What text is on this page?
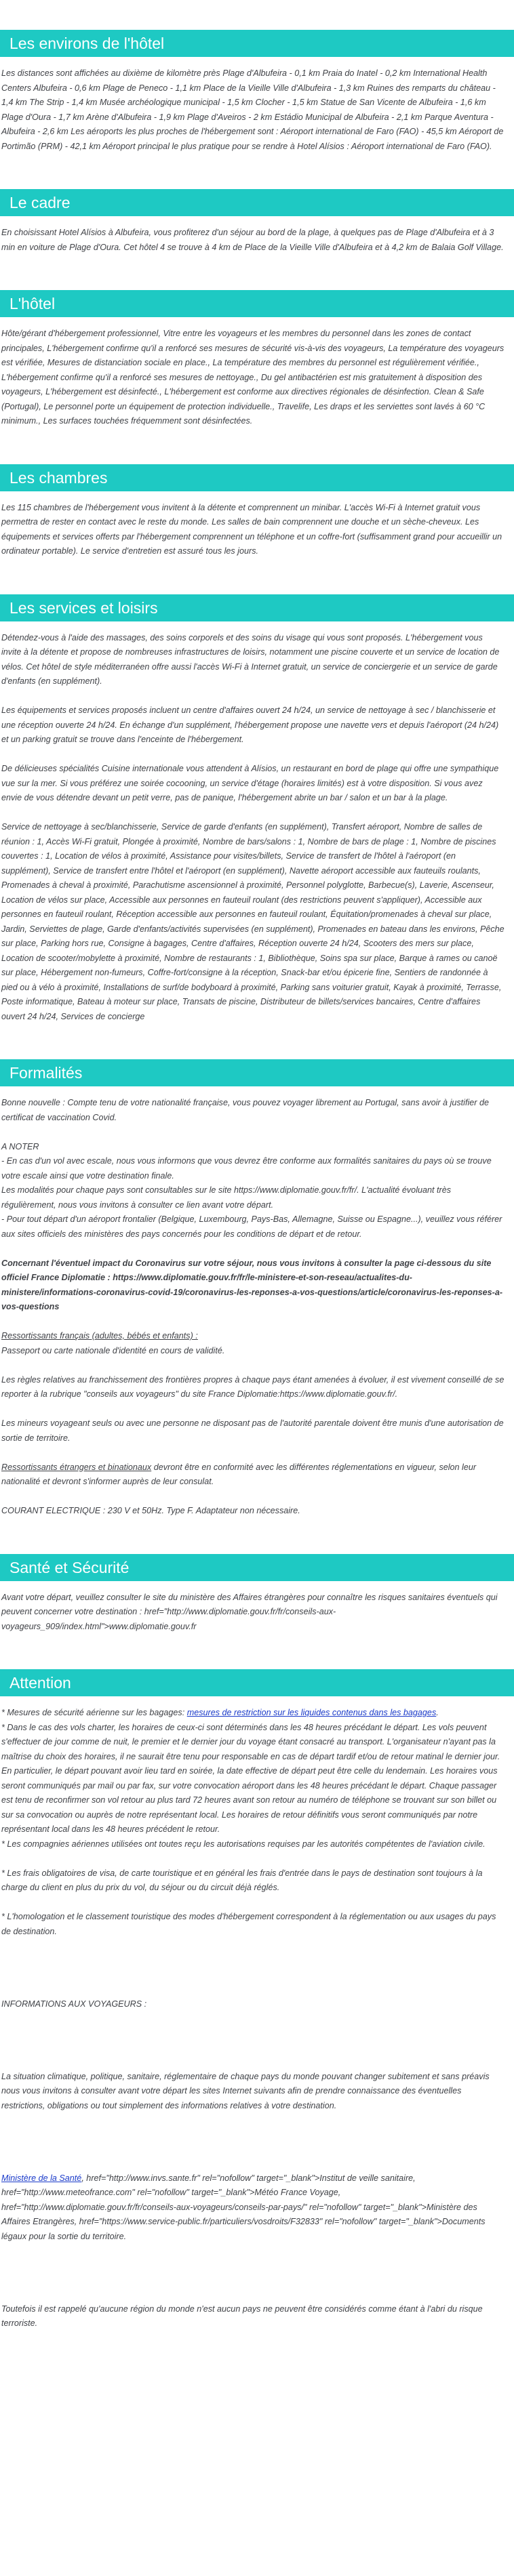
Les environs de l'hôtel

Les distances sont affichées au dixième de kilomètre près Plage d'Albufeira - 0,1 km Praia do Inatel - 0,2 km International Health Centers Albufeira - 0,6 km Plage de Peneco - 1,1 km Place de la Vieille Ville d'Albufeira - 1,3 km Ruines des remparts du château - 1,4 km The Strip - 1,4 km Musée archéologique municipal - 1,5 km Clocher - 1,5 km Statue de San Vicente de Albufeira - 1,6 km Plage d'Oura - 1,7 km Arène d'Albufeira - 1,9 km Plage d'Aveiros - 2 km Estádio Municipal de Albufeira - 2,1 km Parque Aventura - Albufeira - 2,6 km Les aéroports les plus proches de l'hébergement sont : Aéroport international de Faro (FAO) - 45,5 km Aéroport de Portimão (PRM) - 42,1 km Aéroport principal le plus pratique pour se rendre à Hotel Alísios : Aéroport international de Faro (FAO).

Le cadre

En choisissant Hotel Alísios à Albufeira, vous profiterez d'un séjour au bord de la plage, à quelques pas de Plage d'Albufeira et à 3 min en voiture de Plage d'Oura. Cet hôtel 4 se trouve à 4 km de Place de la Vieille Ville d'Albufeira et à 4,2 km de Balaia Golf Village.

L'hôtel

Hôte/gérant d'hébergement professionnel, Vitre entre les voyageurs et les membres du personnel dans les zones de contact principales, L'hébergement confirme qu'il a renforcé ses mesures de sécurité vis-à-vis des voyageurs, La température des voyageurs est vérifiée, Mesures de distanciation sociale en place., La température des membres du personnel est régulièrement vérifiée., L'hébergement confirme qu'il a renforcé ses mesures de nettoyage., Du gel antibactérien est mis gratuitement à disposition des voyageurs, L'hébergement est désinfecté., L'hébergement est conforme aux directives régionales de désinfection. Clean & Safe (Portugal), Le personnel porte un équipement de protection individuelle., Travelife, Les draps et les serviettes sont lavés à 60 °C minimum., Les surfaces touchées fréquemment sont désinfectées.

Les chambres

Les 115 chambres de l'hébergement vous invitent à la détente et comprennent un minibar. L'accès Wi-Fi à Internet gratuit vous permettra de rester en contact avec le reste du monde. Les salles de bain comprennent une douche et un sèche-cheveux. Les équipements et services offerts par l'hébergement comprennent un téléphone et un coffre-fort (suffisamment grand pour accueillir un ordinateur portable). Le service d'entretien est assuré tous les jours.

Les services et loisirs

Détendez-vous à l'aide des massages, des soins corporels et des soins du visage qui vous sont proposés. L'hébergement vous invite à la détente et propose de nombreuses infrastructures de loisirs, notamment une piscine couverte et un service de location de vélos. Cet hôtel de style méditerranéen offre aussi l'accès Wi-Fi à Internet gratuit, un service de conciergerie et un service de garde d'enfants (en supplément).

Les équipements et services proposés incluent un centre d'affaires ouvert 24 h/24, un service de nettoyage à sec / blanchisserie et une réception ouverte 24 h/24. En échange d'un supplément, l'hébergement propose une navette vers et depuis l'aéroport (24 h/24) et un parking gratuit se trouve dans l'enceinte de l'hébergement.

De délicieuses spécialités Cuisine internationale vous attendent à Alísios, un restaurant en bord de plage qui offre une sympathique vue sur la mer. Si vous préférez une soirée cocooning, un service d'étage (horaires limités) est à votre disposition. Si vous avez envie de vous détendre devant un petit verre, pas de panique, l'hébergement abrite un bar / salon et un bar à la plage.

Service de nettoyage à sec/blanchisserie, Service de garde d'enfants (en supplément), Transfert aéroport, Nombre de salles de réunion : 1, Accès Wi-Fi gratuit, Plongée à proximité, Nombre de bars/salons : 1, Nombre de bars de plage : 1, Nombre de piscines couvertes : 1, Location de vélos à proximité, Assistance pour visites/billets, Service de transfert de l'hôtel à l'aéroport (en supplément), Service de transfert entre l'hôtel et l'aéroport (en supplément), Navette aéroport accessible aux fauteuils roulants, Promenades à cheval à proximité, Parachutisme ascensionnel à proximité, Personnel polyglotte, Barbecue(s), Laverie, Ascenseur, Location de vélos sur place, Accessible aux personnes en fauteuil roulant (des restrictions peuvent s'appliquer), Accessible aux personnes en fauteuil roulant, Réception accessible aux personnes en fauteuil roulant, Équitation/promenades à cheval sur place, Jardin, Serviettes de plage, Garde d'enfants/activités supervisées (en supplément), Promenades en bateau dans les environs, Pêche sur place, Parking hors rue, Consigne à bagages, Centre d'affaires, Réception ouverte 24 h/24, Scooters des mers sur place, Location de scooter/mobylette à proximité, Nombre de restaurants : 1, Bibliothèque, Soins spa sur place, Barque à rames ou canoë sur place, Hébergement non-fumeurs, Coffre-fort/consigne à la réception, Snack-bar et/ou épicerie fine, Sentiers de randonnée à pied ou à vélo à proximité, Installations de surf/de bodyboard à proximité, Parking sans voiturier gratuit, Kayak à proximité, Terrasse, Poste informatique, Bateau à moteur sur place, Transats de piscine, Distributeur de billets/services bancaires, Centre d'affaires ouvert 24 h/24, Services de concierge

Formalités

Bonne nouvelle : Compte tenu de votre nationalité française, vous pouvez voyager librement au Portugal, sans avoir à justifier de certificat de vaccination Covid.

A NOTER
- En cas d'un vol avec escale, nous vous informons que vous devrez être conforme aux formalités sanitaires du pays où se trouve votre escale ainsi que votre destination finale.
Les modalités pour chaque pays sont consultables sur le site https://www.diplomatie.gouv.fr/fr/. L'actualité évoluant très régulièrement, nous vous invitons à consulter ce lien avant votre départ.
- Pour tout départ d'un aéroport frontalier (Belgique, Luxembourg, Pays-Bas, Allemagne, Suisse ou Espagne...), veuillez vous référer aux sites officiels des ministères des pays concernés pour les conditions de départ et de retour.

Concernant l'éventuel impact du Coronavirus sur votre séjour, nous vous invitons à consulter la page ci-dessous du site officiel France Diplomatie : https://www.diplomatie.gouv.fr/fr/le-ministere-et-son-reseau/actualites-du-ministere/informations-coronavirus-covid-19/coronavirus-les-reponses-a-vos-questions/article/coronavirus-les-reponses-a-vos-questions

Ressortissants français (adultes, bébés et enfants) :
Passeport ou carte nationale d'identité en cours de validité.

Les règles relatives au franchissement des frontières propres à chaque pays étant amenées à évoluer, il est vivement conseillé de se reporter à la rubrique "conseils aux voyageurs" du site France Diplomatie:https://www.diplomatie.gouv.fr/.

Les mineurs voyageant seuls ou avec une personne ne disposant pas de l'autorité parentale doivent être munis d'une autorisation de sortie de territoire.

Ressortissants étrangers et binationaux devront être en conformité avec les différentes réglementations en vigueur, selon leur nationalité et devront s'informer auprès de leur consulat.

COURANT ELECTRIQUE : 230 V et 50Hz. Type F. Adaptateur non nécessaire.

Santé et Sécurité

Avant votre départ, veuillez consulter le site du ministère des Affaires étrangères pour connaître les risques sanitaires éventuels qui peuvent concerner votre destination : href="http://www.diplomatie.gouv.fr/fr/conseils-aux-voyageurs_909/index.html">www.diplomatie.gouv.fr

Attention

* Mesures de sécurité aérienne sur les bagages: mesures de restriction sur les liquides contenus dans les bagages.
* Dans le cas des vols charter, les horaires de ceux-ci sont déterminés dans les 48 heures précédant le départ. Les vols peuvent s'effectuer de jour comme de nuit, le premier et le dernier jour du voyage étant consacré au transport. L'organisateur n'ayant pas la maîtrise du choix des horaires, il ne saurait être tenu pour responsable en cas de départ tardif et/ou de retour matinal le dernier jour. En particulier, le départ pouvant avoir lieu tard en soirée, la date effective de départ peut être celle du lendemain. Les horaires vous seront communiqués par mail ou par fax, sur votre convocation aéroport dans les 48 heures précédant le départ. Chaque passager est tenu de reconfirmer son vol retour au plus tard 72 heures avant son retour au numéro de téléphone se trouvant sur son billet ou sur sa convocation ou auprès de notre représentant local. Les horaires de retour définitifs vous seront communiqués par notre représentant local dans les 48 heures précédent le retour.
* Les compagnies aériennes utilisées ont toutes reçu les autorisations requises par les autorités compétentes de l'aviation civile.

* Les frais obligatoires de visa, de carte touristique et en général les frais d'entrée dans le pays de destination sont toujours à la charge du client en plus du prix du vol, du séjour ou du circuit déjà réglés.

* L'homologation et le classement touristique des modes d'hébergement correspondent à la réglementation ou aux usages du pays de destination.

INFORMATIONS AUX VOYAGEURS :

La situation climatique, politique, sanitaire, réglementaire de chaque pays du monde pouvant changer subitement et sans préavis nous vous invitons à consulter avant votre départ les sites Internet suivants afin de prendre connaissance des éventuelles restrictions, obligations ou tout simplement des informations relatives à votre destination.

Ministère de la Santé, href="http://www.invs.sante.fr" rel="nofollow" target="_blank">Institut de veille sanitaire, href="http://www.meteofrance.com" rel="nofollow" target="_blank">Météo France Voyage, href="http://www.diplomatie.gouv.fr/fr/conseils-aux-voyageurs/conseils-par-pays/" rel="nofollow" target="_blank">Ministère des Affaires Etrangères, href="https://www.service-public.fr/particuliers/vosdroits/F32833" rel="nofollow" target="_blank">Documents légaux pour la sortie du territoire.

Toutefois il est rappelé qu'aucune région du monde n'est aucun pays ne peuvent être considérés comme étant à l'abri du risque terroriste.
